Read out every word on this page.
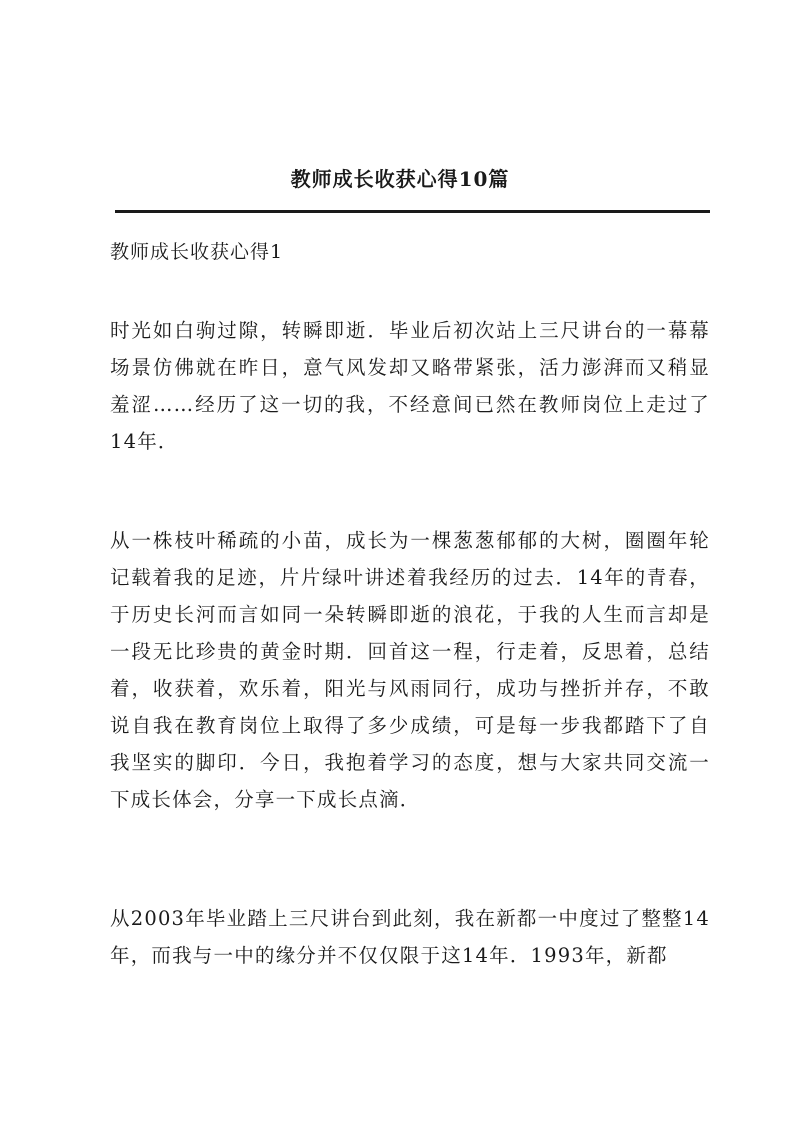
教师成长收获心得10篇
教师成长收获心得1

时光如白驹过隙，转瞬即逝．毕业后初次站上三尺讲台的一幕幕场景仿佛就在昨日，意气风发却又略带紧张，活力澎湃而又稍显羞涩……经历了这一切的我，不经意间已然在教师岗位上走过了14年．

从一株枝叶稀疏的小苗，成长为一棵葱葱郁郁的大树，圈圈年轮记载着我的足迹，片片绿叶讲述着我经历的过去．14年的青春，于历史长河而言如同一朵转瞬即逝的浪花，于我的人生而言却是一段无比珍贵的黄金时期．回首这一程，行走着，反思着，总结着，收获着，欢乐着，阳光与风雨同行，成功与挫折并存，不敢说自我在教育岗位上取得了多少成绩，可是每一步我都踏下了自我坚实的脚印．今日，我抱着学习的态度，想与大家共同交流一下成长体会，分享一下成长点滴．

从2003年毕业踏上三尺讲台到此刻，我在新都一中度过了整整14年，而我与一中的缘分并不仅仅限于这14年．1993年，新都
